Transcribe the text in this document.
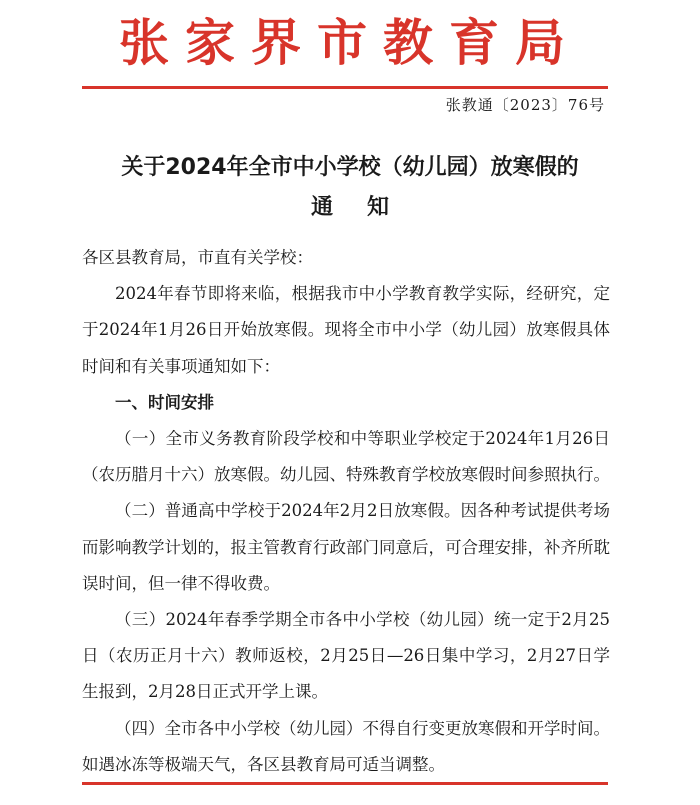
张家界市教育局
张教通〔2023〕76号
关于2024年全市中小学校（幼儿园）放寒假的
通知

各区县教育局，市直有关学校：

2024年春节即将来临，根据我市中小学教育教学实际，经研究，定于2024年1月26日开始放寒假。现将全市中小学（幼儿园）放寒假具体时间和有关事项通知如下：

一、时间安排

（一）全市义务教育阶段学校和中等职业学校定于2024年1月26日（农历腊月十六）放寒假。幼儿园、特殊教育学校放寒假时间参照执行。

（二）普通高中学校于2024年2月2日放寒假。因各种考试提供考场而影响教学计划的，报主管教育行政部门同意后，可合理安排，补齐所耽误时间，但一律不得收费。

（三）2024年春季学期全市各中小学校（幼儿园）统一定于2月25日（农历正月十六）教师返校，2月25日—26日集中学习，2月27日学生报到，2月28日正式开学上课。

（四）全市各中小学校（幼儿园）不得自行变更放寒假和开学时间。如遇冰冻等极端天气，各区县教育局可适当调整。
